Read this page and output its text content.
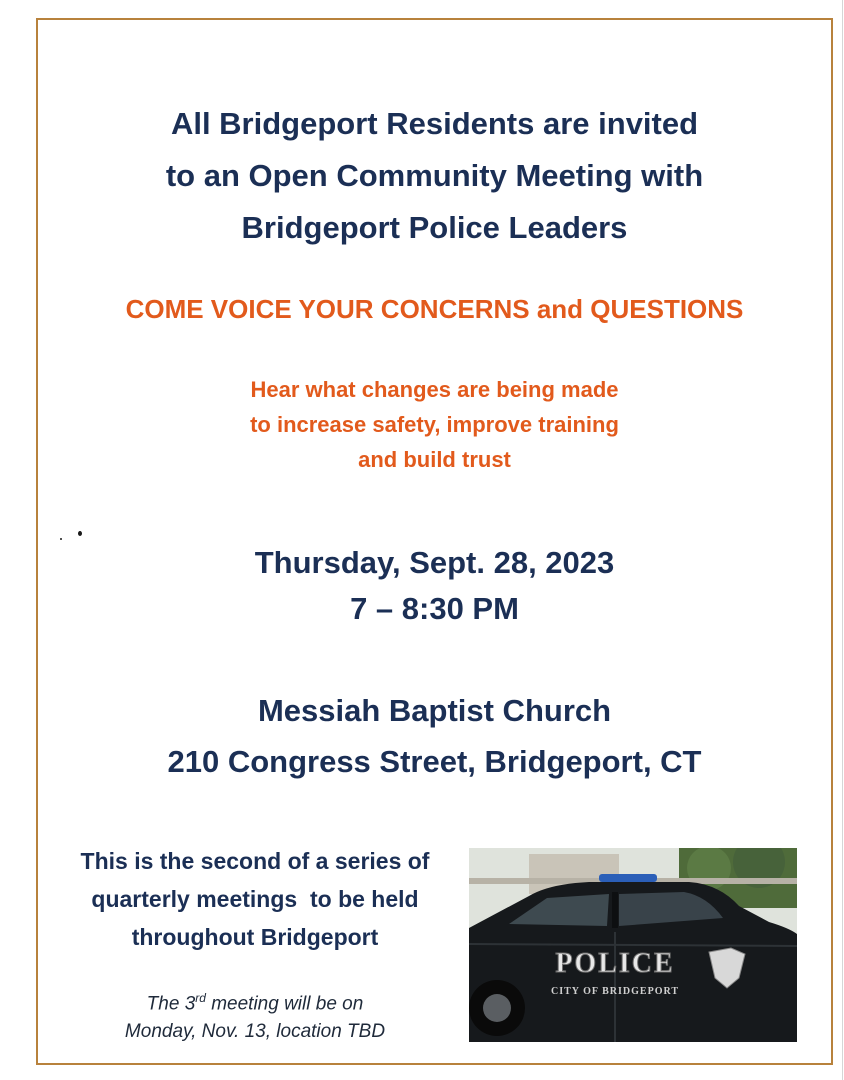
All Bridgeport Residents are invited
to an Open Community Meeting with
Bridgeport Police Leaders
COME VOICE YOUR CONCERNS and QUESTIONS
Hear what changes are being made
to increase safety, improve training
and build trust
Thursday, Sept. 28, 2023
7 – 8:30 PM
Messiah Baptist Church
210 Congress Street, Bridgeport, CT
This is the second of a series of
quarterly meetings  to be held
throughout Bridgeport
The 3rd meeting will be on
Monday, Nov. 13, location TBD
POLICE
CITY OF BRIDGEPORT
